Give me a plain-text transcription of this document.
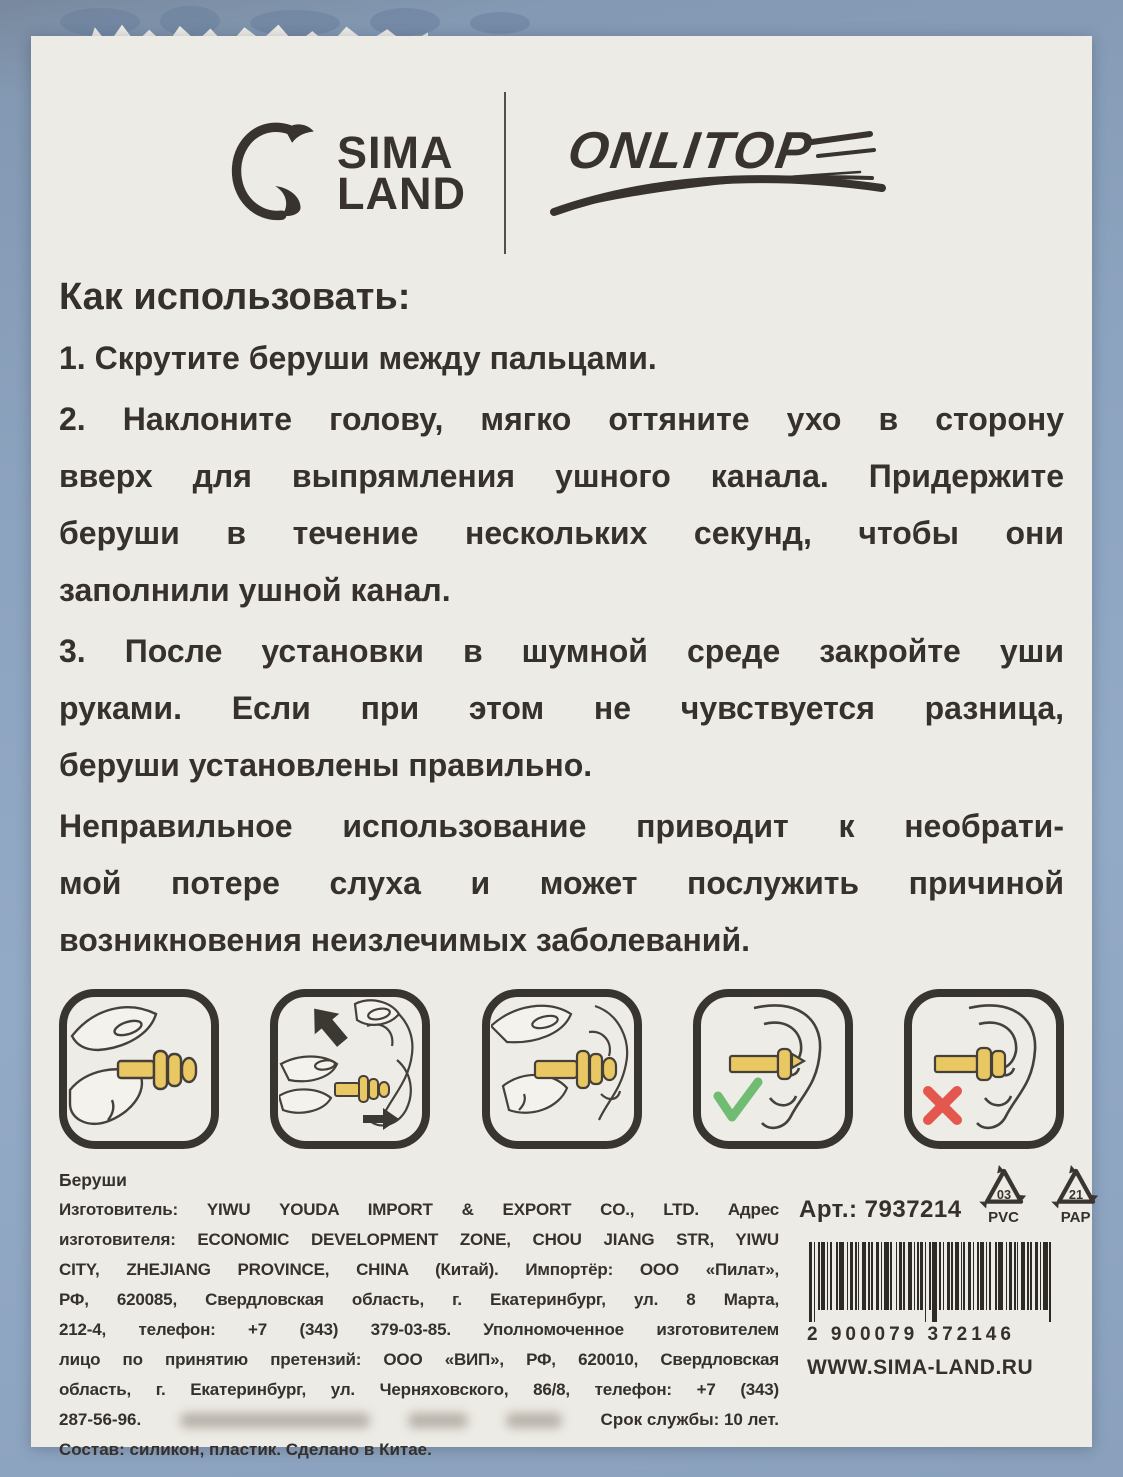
SIMA
LAND
ONLITOP
Как использовать:
1. Скрутите беруши между пальцами.
2. Наклоните голову, мягко оттяните ухо в сторону
вверх для выпрямления ушного канала. Придержите
беруши в течение нескольких секунд, чтобы они
заполнили ушной канал.
3. После установки в шумной среде закройте уши
руками. Если при этом не чувствуется разница,
беруши установлены правильно.
Неправильное использование приводит к необрати-
мой потере слуха и может послужить причиной
возникновения неизлечимых заболеваний.
Беруши
Изготовитель: YIWU YOUDA IMPORT & EXPORT CO., LTD. Адрес
изготовителя: ECONOMIC DEVELOPMENT ZONE, CHOU JIANG STR, YIWU
CITY, ZHEJIANG PROVINCE, CHINA (Китай). Импортёр: ООО «Пилат»,
РФ, 620085, Свердловская область, г. Екатеринбург, ул. 8 Марта,
212-4, телефон: +7 (343) 379-03-85. Уполномоченное изготовителем
лицо по принятию претензий: ООО «ВИП», РФ, 620010, Свердловская
область, г. Екатеринбург, ул. Черняховского, 86/8, телефон: +7 (343)
287-56-96.	Срок службы: 10 лет.
Состав: силикон, пластик. Сделано в Китае.
Арт.: 7937214
03
PVC
21
PAP
2 900079 372146
WWW.SIMA-LAND.RU
